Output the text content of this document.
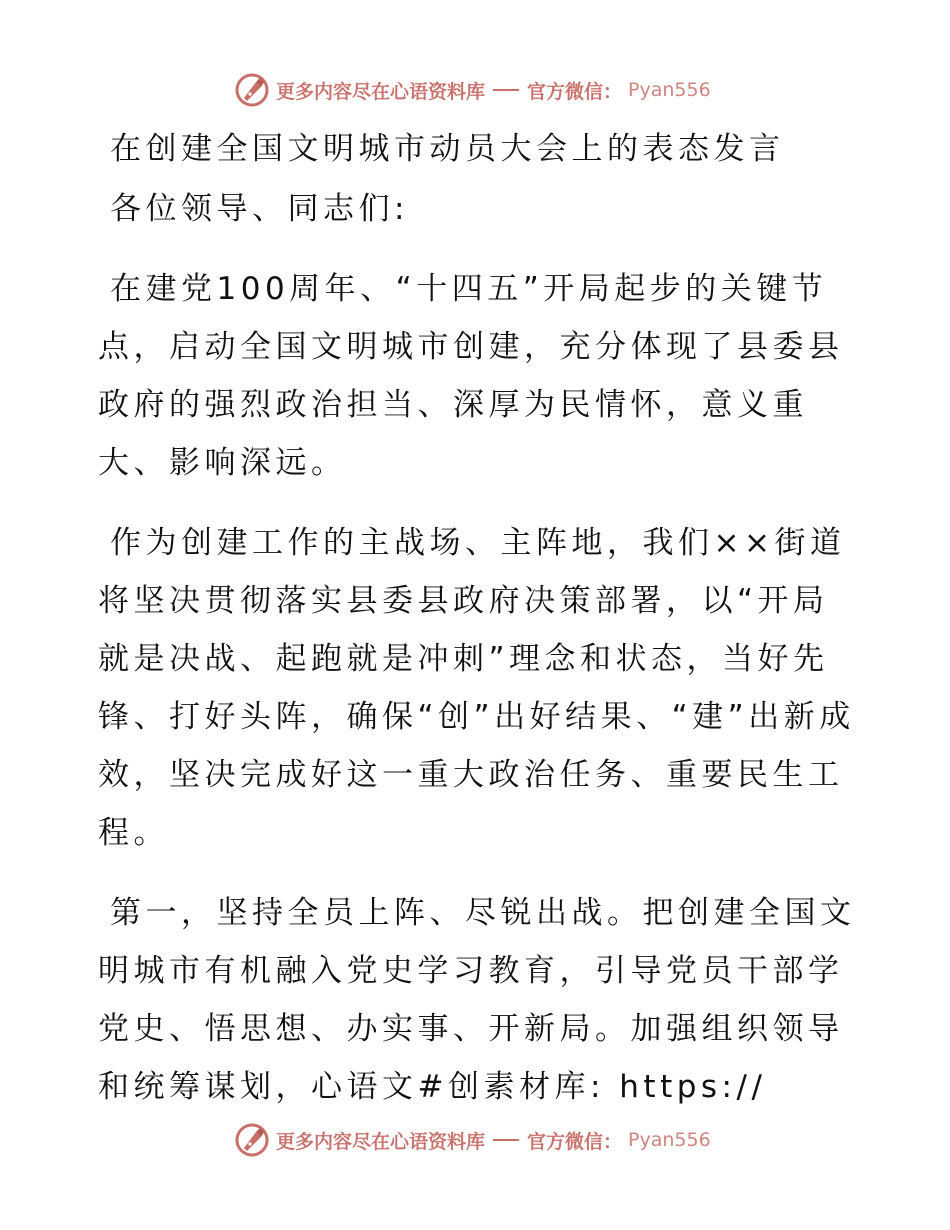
更多内容尽在心语资料库 官方微信： Pyan556

在创建全国文明城市动员大会上的表态发言

各位领导、同志们:

在建党100周年、“十四五”开局起步的关键节点，启动全国文明城市创建，充分体现了县委县政府的强烈政治担当、深厚为民情怀，意义重大、影响深远。

作为创建工作的主战场、主阵地，我们××街道将坚决贯彻落实县委县政府决策部署，以“开局就是决战、起跑就是冲刺”理念和状态，当好先锋、打好头阵，确保“创”出好结果、“建”出新成效，坚决完成好这一重大政治任务、重要民生工程。

第一，坚持全员上阵、尽锐出战。把创建全国文明城市有机融入党史学习教育，引导党员干部学党史、悟思想、办实事、开新局。加强组织领导和统筹谋划，心语文#创素材库: https://

更多内容尽在心语资料库 官方微信： Pyan556
